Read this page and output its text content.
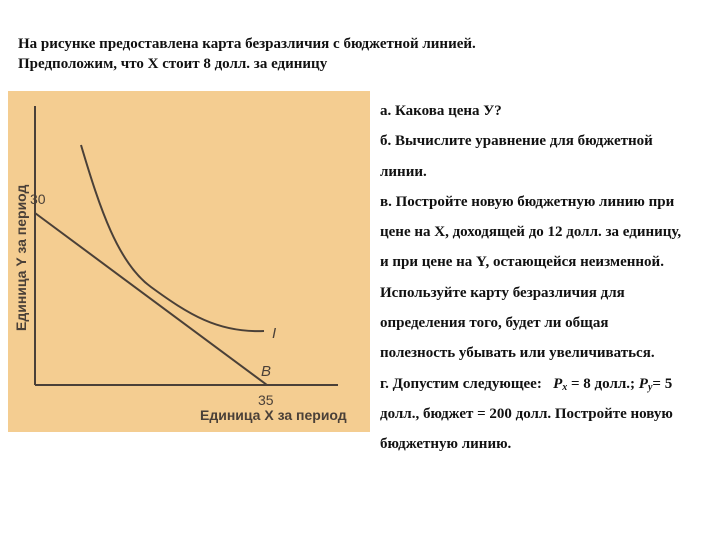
На рисунке предоставлена карта безразличия с бюджетной линией.
Предположим, что X стоит 8 долл. за единицу
30
35
I
B
Единица X за период
Единица Y за период
а. Какова цена У?
б. Вычислите уравнение для бюджетной
линии.
в. Постройте новую бюджетную линию при
цене на X, доходящей до 12 долл. за единицу,
и при цене на Y, остающейся неизменной.
Используйте карту безразличия для
определения того, будет ли общая
полезность убывать или увеличиваться.
г. Допустим следующее: $P_x = 8$ долл.; $P_y= 5$
долл., бюджет = 200 долл. Постройте новую
бюджетную линию.
